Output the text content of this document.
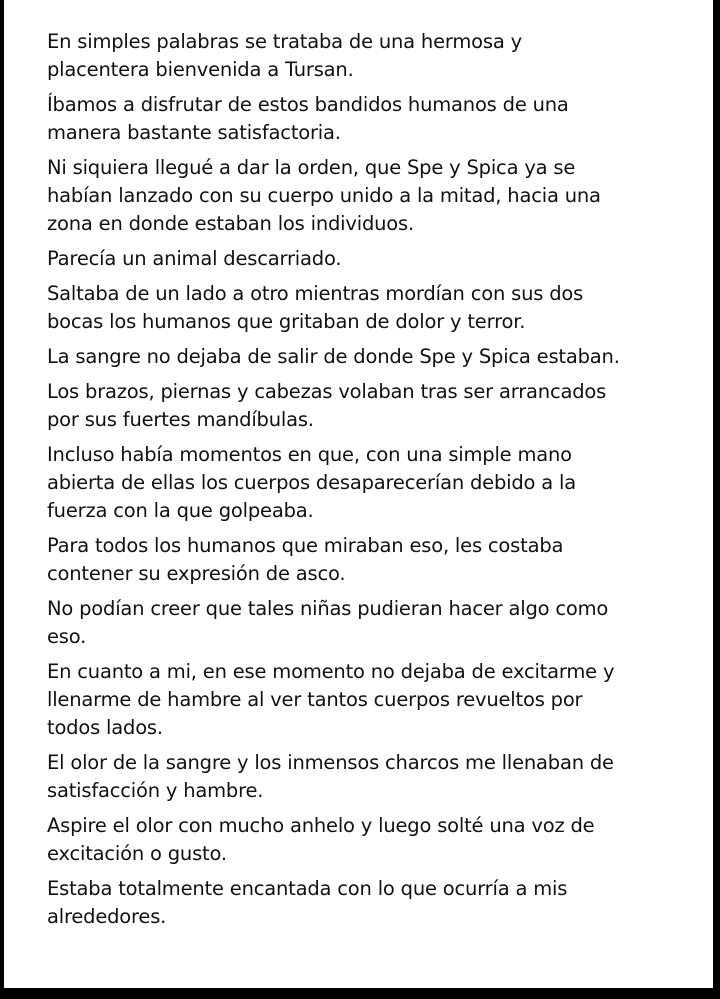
En simples palabras se trataba de una hermosa y
placentera bienvenida a Tursan.

Íbamos a disfrutar de estos bandidos humanos de una
manera bastante satisfactoria.

Ni siquiera llegué a dar la orden, que Spe y Spica ya se
habían lanzado con su cuerpo unido a la mitad, hacia una
zona en donde estaban los individuos.

Parecía un animal descarriado.

Saltaba de un lado a otro mientras mordían con sus dos
bocas los humanos que gritaban de dolor y terror.

La sangre no dejaba de salir de donde Spe y Spica estaban.

Los brazos, piernas y cabezas volaban tras ser arrancados
por sus fuertes mandíbulas.

Incluso había momentos en que, con una simple mano
abierta de ellas los cuerpos desaparecerían debido a la
fuerza con la que golpeaba.

Para todos los humanos que miraban eso, les costaba
contener su expresión de asco.

No podían creer que tales niñas pudieran hacer algo como
eso.

En cuanto a mi, en ese momento no dejaba de excitarme y
llenarme de hambre al ver tantos cuerpos revueltos por
todos lados.

El olor de la sangre y los inmensos charcos me llenaban de
satisfacción y hambre.

Aspire el olor con mucho anhelo y luego solté una voz de
excitación o gusto.

Estaba totalmente encantada con lo que ocurría a mis
alrededores.
